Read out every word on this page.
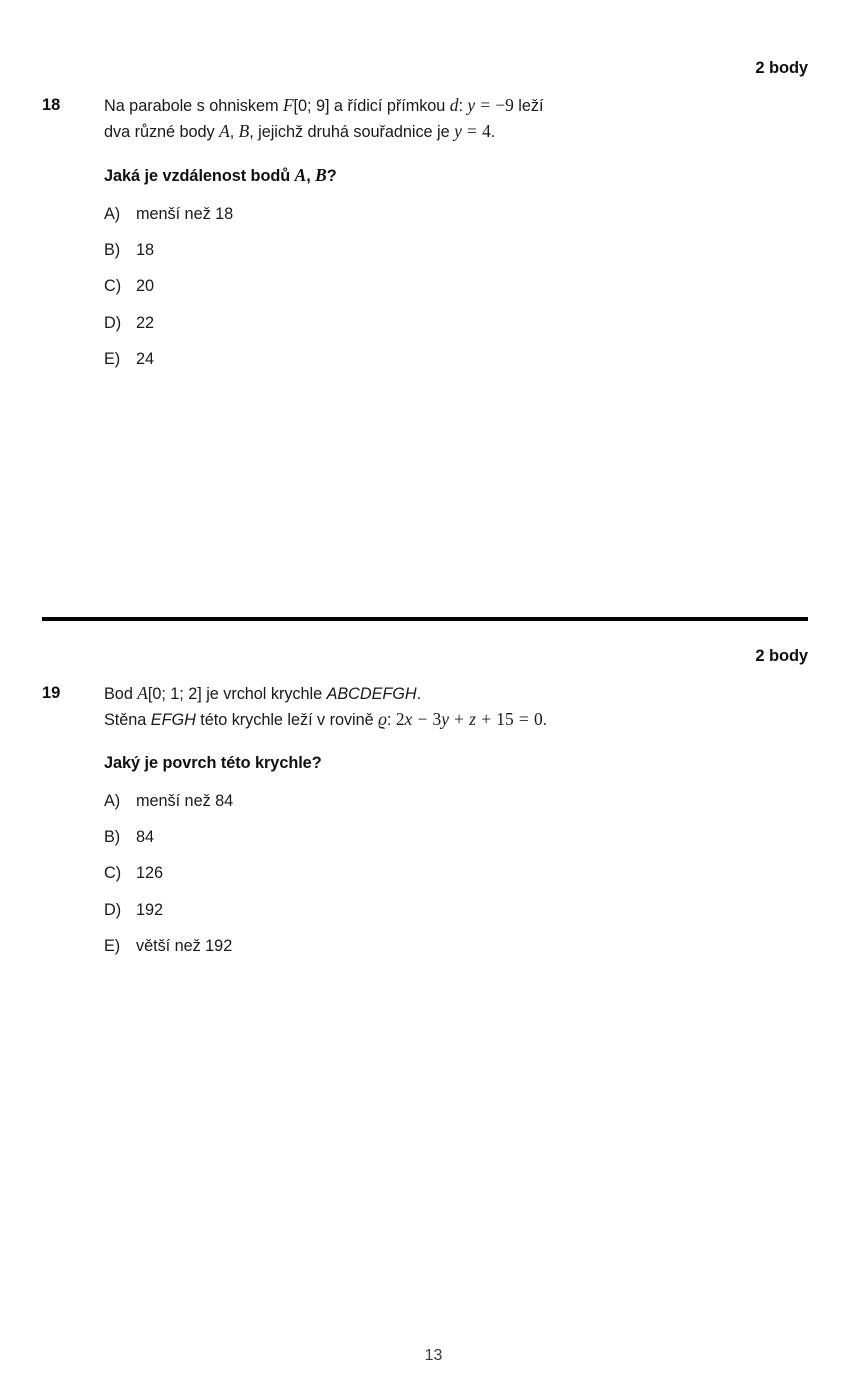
2 body
18	Na parabole s ohniskem F[0; 9] a řídicí přímkou d: y = −9 leží
dva různé body A, B, jejichž druhá souřadnice je y = 4.
Jaká je vzdálenost bodů A, B?
A) menší než 18
B) 18
C) 20
D) 22
E) 24
2 body
19	Bod A[0; 1; 2] je vrchol krychle ABCDEFGH.
Stěna EFGH této krychle leží v rovině ϱ: 2x − 3y + z + 15 = 0.
Jaký je povrch této krychle?
A) menší než 84
B) 84
C) 126
D) 192
E) větší než 192
13
